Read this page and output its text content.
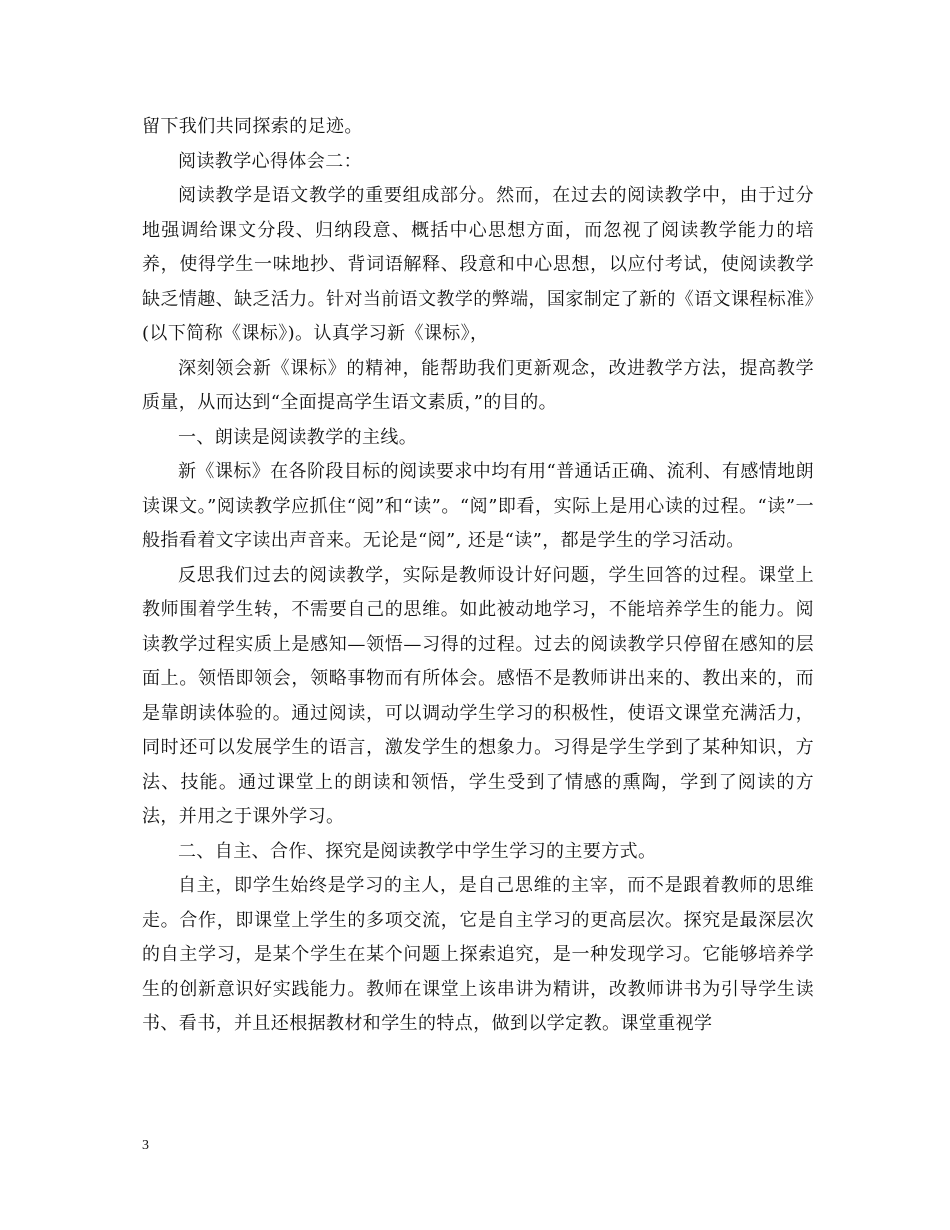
留下我们共同探索的足迹。

阅读教学心得体会二：

阅读教学是语文教学的重要组成部分。然而，在过去的阅读教学中，由于过分地强调给课文分段、归纳段意、概括中心思想方面，而忽视了阅读教学能力的培养，使得学生一味地抄、背词语解释、段意和中心思想，以应付考试，使阅读教学缺乏情趣、缺乏活力。针对当前语文教学的弊端，国家制定了新的《语文课程标准》(以下简称《课标》)。认真学习新《课标》，

深刻领会新《课标》的精神，能帮助我们更新观念，改进教学方法，提高教学质量，从而达到“全面提高学生语文素质，”的目的。

一、朗读是阅读教学的主线。

新《课标》在各阶段目标的阅读要求中均有用“普通话正确、流利、有感情地朗读课文。”阅读教学应抓住“阅”和“读”。“阅”即看，实际上是用心读的过程。“读”一般指看着文字读出声音来。无论是“阅”, 还是“读”，都是学生的学习活动。

反思我们过去的阅读教学，实际是教师设计好问题，学生回答的过程。课堂上教师围着学生转，不需要自己的思维。如此被动地学习，不能培养学生的能力。阅读教学过程实质上是感知—领悟—习得的过程。过去的阅读教学只停留在感知的层面上。领悟即领会，领略事物而有所体会。感悟不是教师讲出来的、教出来的，而是靠朗读体验的。通过阅读，可以调动学生学习的积极性，使语文课堂充满活力，同时还可以发展学生的语言，激发学生的想象力。习得是学生学到了某种知识，方法、技能。通过课堂上的朗读和领悟，学生受到了情感的熏陶，学到了阅读的方法，并用之于课外学习。

二、自主、合作、探究是阅读教学中学生学习的主要方式。

自主，即学生始终是学习的主人，是自己思维的主宰，而不是跟着教师的思维走。合作，即课堂上学生的多项交流，它是自主学习的更高层次。探究是最深层次的自主学习，是某个学生在某个问题上探索追究，是一种发现学习。它能够培养学生的创新意识好实践能力。教师在课堂上该串讲为精讲，改教师讲书为引导学生读书、看书，并且还根据教材和学生的特点，做到以学定教。课堂重视学

3
